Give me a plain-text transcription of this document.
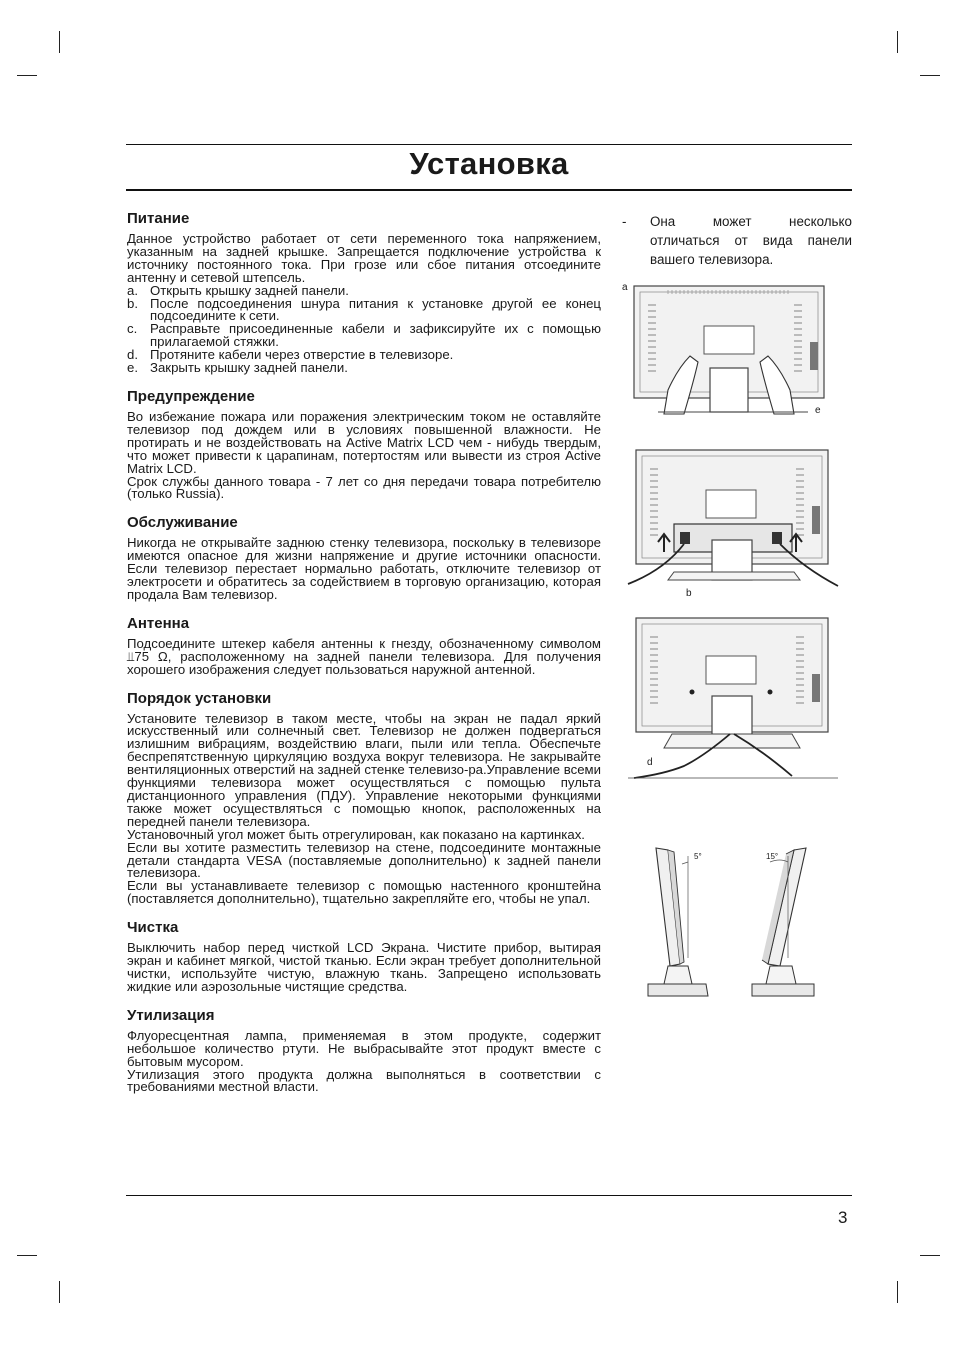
Установка
Питание

Данное устройство работает от сети переменного тока напряжением, указанным на задней крышке. Запрещается подключение устройства к источнику постоянного тока. При грозе или сбое питания отсоедините антенну и сетевой штепсель.

a. Открыть крышку задней панели.
b. После подсоединения шнура питания к установке другой ее конец подсоедините к сети.
c. Расправьте присоединенные кабели и зафиксируйте их с помощью прилагаемой стяжки.
d. Протяните кабели через отверстие в телевизоре.
e. Закрыть крышку задней панели.
Предупреждение

Во избежание пожара или поражения электрическим током не оставляйте телевизор под дождем или в условиях повышенной влажности. Не протирать и не воздействовать на Active Matrix LCD чем - нибудь твердым, что может привести к царапинам, потертостям или вывести из строя Active Matrix LCD.

Срок службы данного товара - 7 лет со дня передачи товара потребителю (только Russia).

Обслуживание

Никогда не открывайте заднюю стенку телевизора, поскольку в телевизоре имеются опасное для жизни напряжение и другие источники опасности. Если телевизор перестает нормально работать, отключите телевизор от электросети и обратитесь за содействием в торговую организацию, которая продала Вам телевизор.

Антенна

Подсоедините штекер кабеля антенны к гнезду, обозначенному символом ⫫75 Ω, расположенному на задней панели телевизора. Для получения хорошего изображения следует пользоваться наружной антенной.

Порядок установки

Установите телевизор в таком месте, чтобы на экран не падал яркий искусственный или солнечный свет. Телевизор не должен подвергаться излишним вибрациям, воздействию влаги, пыли или тепла. Обеспечьте беспрепятственную циркуляцию воздуха вокруг телевизора. Не закрывайте вентиляционных отверстий на задней стенке телевизо-ра.Управление всеми функциями телевизора может осуществляться с помощью пульта дистанционного управления (ПДУ). Управление некоторыми функциями также может осуществляться с помощью кнопок, расположенных на передней панели телевизора.

Установочный угол может быть отрегулирован, как показано на картинках.

Если вы хотите разместить телевизор на стене, подсоедините монтажные детали стандарта VESA (поставляемые дополнительно) к задней панели телевизора.

Если вы устанавливаете телевизор с помощью настенного кронштейна (поставляется дополнительно), тщательно закрепляйте его, чтобы не упал.

Чистка

Выключить набор перед чисткой LCD Экрана. Чистите прибор, вытирая экран и кабинет мягкой, чистой тканью. Если экран требует дополнительной чистки, используйте чистую, влажную ткань. Запрещено использовать жидкие или аэрозольные чистящие средства.

Утилизация

Флуоресцентная лампа, применяемая в этом продукте, содержит небольшое количество ртути. Не выбрасывайте этот продукт вместе с бытовым мусором.

Утилизация этого продукта должна выполняться в соответствии с требованиями местной власти.

-	Она может несколько отличаться от вида панели вашего телевизора.
a
e
b
d
5°	15°
3
